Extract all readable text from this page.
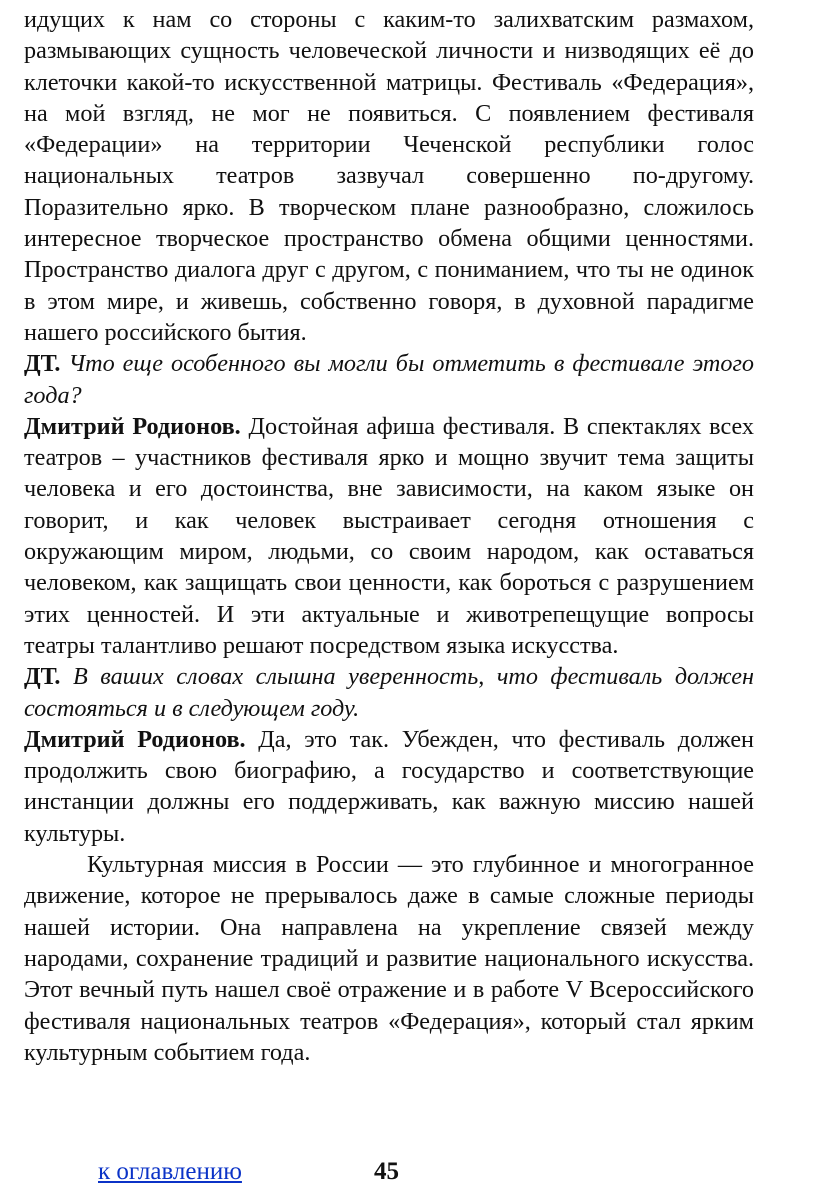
идущих к нам со стороны с каким-то залихватским размахом, размывающих сущность человеческой личности и низводящих её до клеточки какой-то искусственной матрицы. Фестиваль «Федерация», на мой взгляд, не мог не появиться. С появлением фестиваля «Федерации» на территории Чеченской республики голос национальных театров зазвучал совершенно по-другому. Поразительно ярко. В творческом плане разнообразно, сложилось интересное творческое пространство обмена общими ценностями. Пространство диалога друг с другом, с пониманием, что ты не одинок в этом мире, и живешь, собственно говоря, в духовной парадигме нашего российского бытия.

ДТ. Что еще особенного вы могли бы отметить в фестивале этого года?

Дмитрий Родионов. Достойная афиша фестиваля. В спектаклях всех театров – участников фестиваля ярко и мощно звучит тема защиты человека и его достоинства, вне зависимости, на каком языке он говорит, и как человек выстраивает сегодня отношения с окружающим миром, людьми, со своим народом, как оставаться человеком, как защищать свои ценности, как бороться с разрушением этих ценностей. И эти актуальные и животрепещущие вопросы театры талантливо решают посредством языка искусства.

ДТ. В ваших словах слышна уверенность, что фестиваль должен состояться и в следующем году.

Дмитрий Родионов. Да, это так. Убежден, что фестиваль должен продолжить свою биографию, а государство и соответствующие инстанции должны его поддерживать, как важную миссию нашей культуры.

Культурная миссия в России — это глубинное и многогранное движение, которое не прерывалось даже в самые сложные периоды нашей истории. Она направлена на укрепление связей между народами, сохранение традиций и развитие национального искусства. Этот вечный путь нашел своё отражение и в работе V Всероссийского фестиваля национальных театров «Федерация», который стал ярким культурным событием года.

к оглавлению	45
